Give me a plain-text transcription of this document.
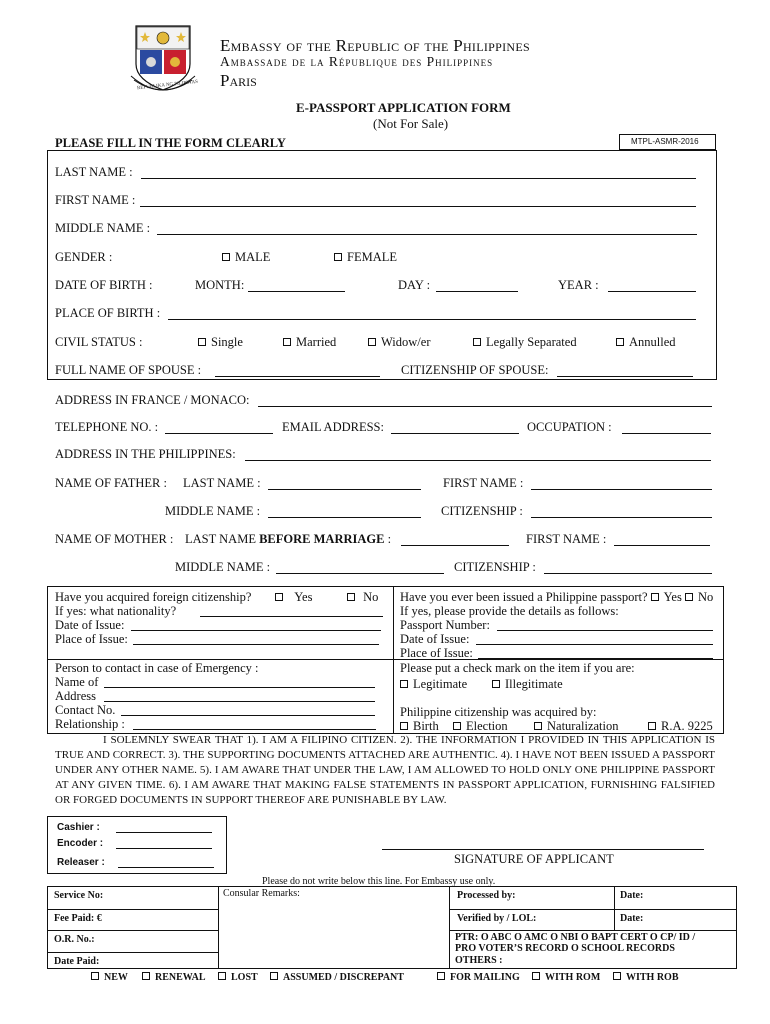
REPUBLIKA NG PILIPINAS
Embassy of the Republic of the Philippines
Ambassade de la République des Philippines
Paris
E-PASSPORT APPLICATION FORM
(Not For Sale)
PLEASE FILL IN THE FORM CLEARLY	MTPL-ASMR-2016
LAST NAME :
FIRST NAME :
MIDDLE NAME :
GENDER :	MALE	FEMALE
DATE OF BIRTH :	MONTH:	DAY :	YEAR :
PLACE OF BIRTH :
CIVIL STATUS :	Single	Married	Widow/er	Legally Separated	Annulled
FULL NAME OF SPOUSE :	CITIZENSHIP OF SPOUSE:
ADDRESS IN FRANCE / MONACO:
TELEPHONE NO. :	EMAIL ADDRESS:	OCCUPATION :
ADDRESS IN THE PHILIPPINES:
NAME OF FATHER : LAST NAME :	FIRST NAME :
MIDDLE NAME :	CITIZENSHIP :
NAME OF MOTHER : LAST NAME BEFORE MARRIAGE :	FIRST NAME :
MIDDLE NAME :	CITIZENSHIP :
Have you acquired foreign citizenship?	Yes	No
If yes: what nationality?
Date of Issue:
Place of Issue:
Have you ever been issued a Philippine passport? Yes No
If yes, please provide the details as follows:
Passport Number:
Date of Issue:
Place of Issue:
Person to contact in case of Emergency :
Name of
Address
Contact No.
Relationship :
Please put a check mark on the item if you are:
Legitimate	Illegitimate
Philippine citizenship was acquired by:
Birth	Election	Naturalization	R.A. 9225
I SOLEMNLY SWEAR THAT 1). I AM A FILIPINO CITIZEN. 2). THE INFORMATION I PROVIDED IN THIS APPLICATION IS TRUE AND CORRECT. 3). THE SUPPORTING DOCUMENTS ATTACHED ARE AUTHENTIC. 4). I HAVE NOT BEEN ISSUED A PASSPORT UNDER ANY OTHER NAME. 5). I AM AWARE THAT UNDER THE LAW, I AM ALLOWED TO HOLD ONLY ONE PHILIPPINE PASSPORT AT ANY GIVEN TIME. 6). I AM AWARE THAT MAKING FALSE STATEMENTS IN PASSPORT APPLICATION, FURNISHING FALSIFIED OR FORGED DOCUMENTS IN SUPPORT THEREOF ARE PUNISHABLE BY LAW.
Cashier :
Encoder :
Releaser :	SIGNATURE OF APPLICANT
Please do not write below this line. For Embassy use only.
Service No:	Consular Remarks:	Processed by:	Date:
Fee Paid: €	Verified by / LOL:	Date:
O.R. No.:	PTR: O ABC O AMC O NBI O BAPT CERT O CP/ ID /
PRO VOTER’S RECORD O SCHOOL RECORDS
OTHERS :
Date Paid:
NEW	RENEWAL	LOST	ASSUMED / DISCREPANT	FOR MAILING	WITH ROM	WITH ROB
